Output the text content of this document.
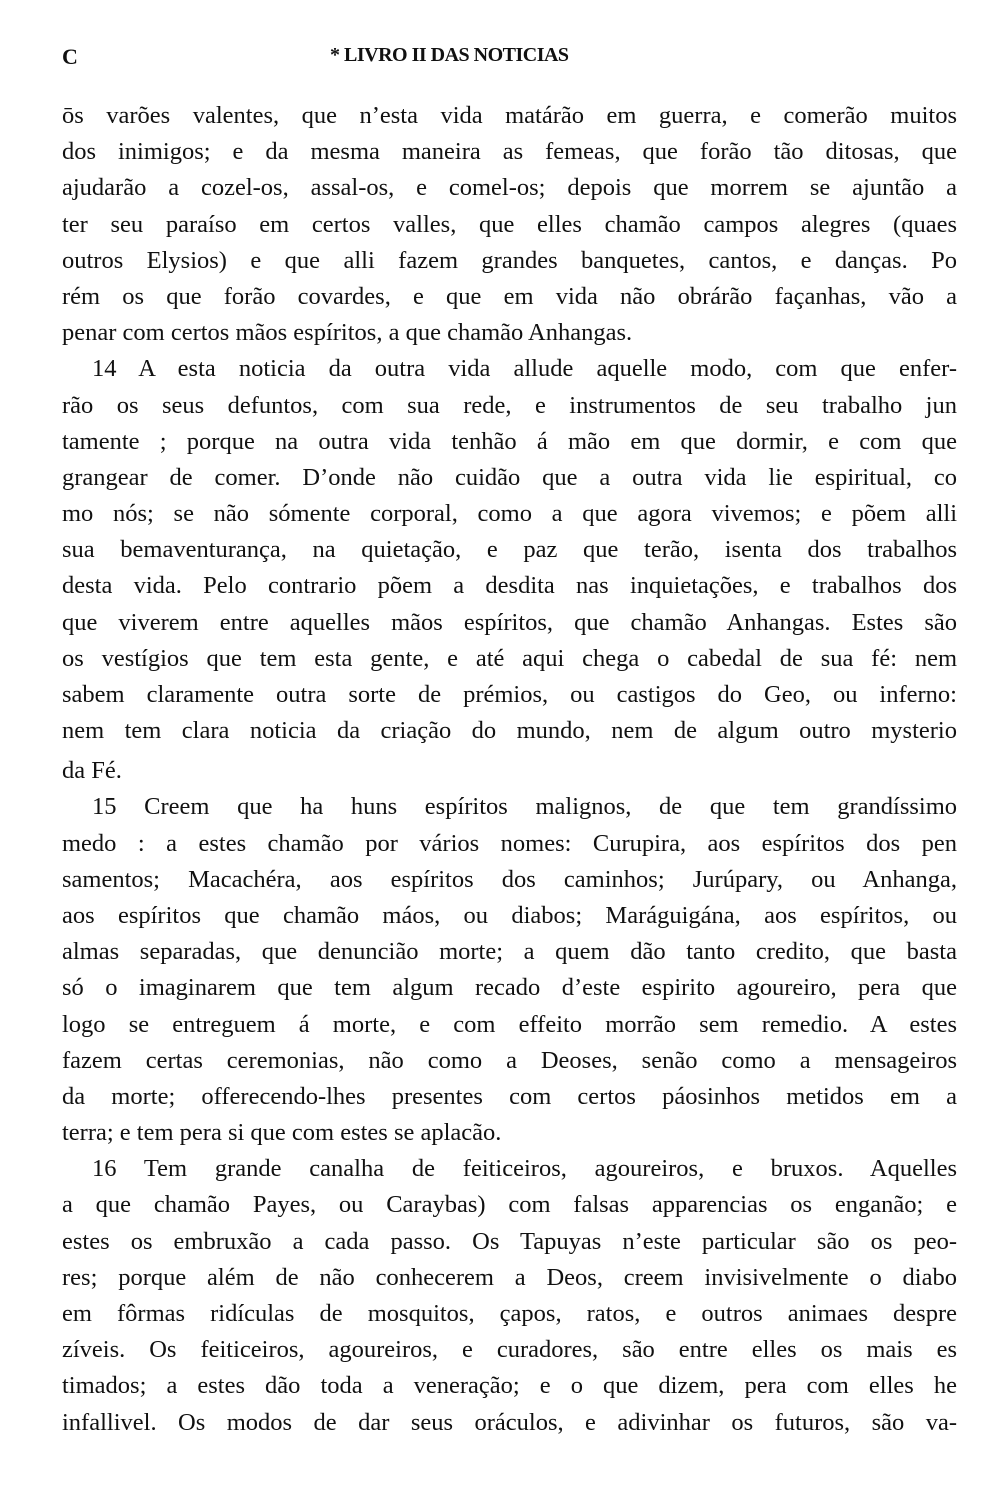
C	* LIVRO II DAS NOTICIAS
ōs varões valentes, que n’esta vida matárão em guerra, e comerão muitos
dos inimigos; e da mesma maneira as femeas, que forão tão ditosas, que
ajudarão a cozel-os, assal-os, e comel-os; depois que morrem se ajuntão a
ter seu paraíso em certos valles, que elles chamão campos alegres (quaes
outros Elysios) e que alli fazem grandes banquetes, cantos, e danças. Po
rém os que forão covardes, e que em vida não obrárão façanhas, vão a
penar com certos mãos espíritos, a que chamão Anhangas.
14 A esta noticia da outra vida allude aquelle modo, com que enfer-
rão os seus defuntos, com sua rede, e instrumentos de seu trabalho jun
tamente ; porque na outra vida tenhão á mão em que dormir, e com que
grangear de comer. D’onde não cuidão que a outra vida lie espiritual, co
mo nós; se não sómente corporal, como a que agora vivemos; e põem alli
sua bemaventurança, na quietação, e paz que terão, isenta dos trabalhos
desta vida. Pelo contrario põem a desdita nas inquietações, e trabalhos dos
que viverem entre aquelles mãos espíritos, que chamão Anhangas. Estes são
os vestígios que tem esta gente, e até aqui chega o cabedal de sua fé: nem
sabem claramente outra sorte de prémios, ou castigos do Geo, ou inferno:
nem tem clara noticia da criação do mundo, nem de algum outro mysterio
da Fé.
15 Creem que ha huns espíritos malignos, de que tem grandíssimo
medo : a estes chamão por vários nomes: Curupira, aos espíritos dos pen
samentos; Macachéra, aos espíritos dos caminhos; Jurúpary, ou Anhanga,
aos espíritos que chamão máos, ou diabos; Maráguigána, aos espíritos, ou
almas separadas, que denuncião morte; a quem dão tanto credito, que basta
só o imaginarem que tem algum recado d’este espirito agoureiro, pera que
logo se entreguem á morte, e com effeito morrão sem remedio. A estes
fazem certas ceremonias, não como a Deoses, senão como a mensageiros
da morte; offerecendo-lhes presentes com certos páosinhos metidos em a
terra; e tem pera si que com estes se aplacão.
16 Tem grande canalha de feiticeiros, agoureiros, e bruxos. Aquelles
a que chamão Payes, ou Caraybas) com falsas apparencias os enganão; e
estes os embruxão a cada passo. Os Tapuyas n’este particular são os peo-
res; porque além de não conhecerem a Deos, creem invisivelmente o diabo
em fôrmas ridículas de mosquitos, çapos, ratos, e outros animaes despre
zíveis. Os feiticeiros, agoureiros, e curadores, são entre elles os mais es
timados; a estes dão toda a veneração; e o que dizem, pera com elles he
infallivel. Os modos de dar seus oráculos, e adivinhar os futuros, são va-
